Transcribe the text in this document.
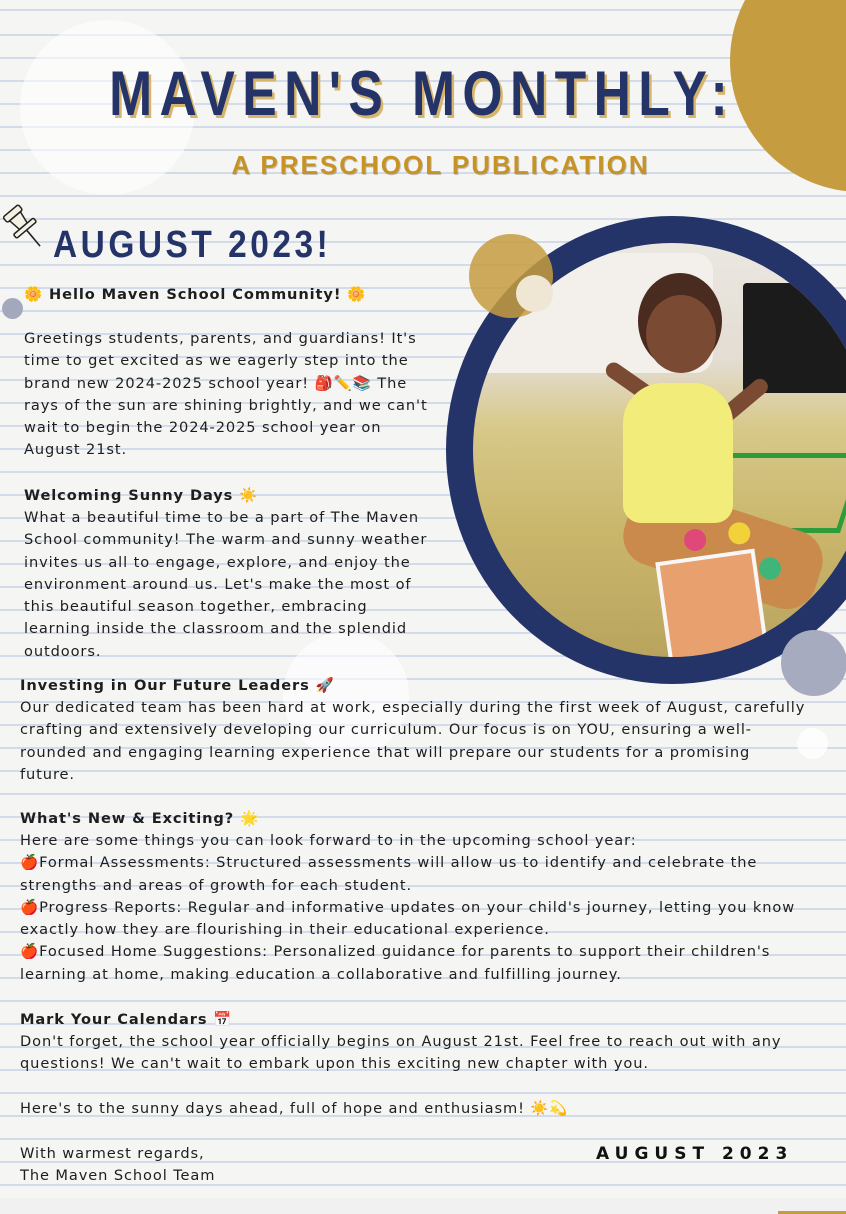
MAVEN'S MONTHLY:
A PRESCHOOL PUBLICATION
AUGUST 2023!
🌼 Hello Maven School Community! 🌼
Greetings students, parents, and guardians! It's
time to get excited as we eagerly step into the
brand new 2024-2025 school year! 🎒✏️📚 The
rays of the sun are shining brightly, and we can't
wait to begin the 2024-2025 school year on
August 21st.
Welcoming Sunny Days ☀️
What a beautiful time to be a part of The Maven
School community! The warm and sunny weather
invites us all to engage, explore, and enjoy the
environment around us. Let's make the most of
this beautiful season together, embracing
learning inside the classroom and the splendid
outdoors.
Investing in Our Future Leaders 🚀
Our dedicated team has been hard at work, especially during the first week of August, carefully
crafting and extensively developing our curriculum. Our focus is on YOU, ensuring a well-
rounded and engaging learning experience that will prepare our students for a promising
future.
What's New & Exciting? 🌟
Here are some things you can look forward to in the upcoming school year:
🍎Formal Assessments: Structured assessments will allow us to identify and celebrate the
strengths and areas of growth for each student.
🍎Progress Reports: Regular and informative updates on your child's journey, letting you know
exactly how they are flourishing in their educational experience.
🍎Focused Home Suggestions: Personalized guidance for parents to support their children's
learning at home, making education a collaborative and fulfilling journey.
Mark Your Calendars 📅
Don't forget, the school year officially begins on August 21st. Feel free to reach out with any
questions! We can't wait to embark upon this exciting new chapter with you.
Here's to the sunny days ahead, full of hope and enthusiasm! ☀️💫
With warmest regards,
The Maven School Team
AUGUST 2023
